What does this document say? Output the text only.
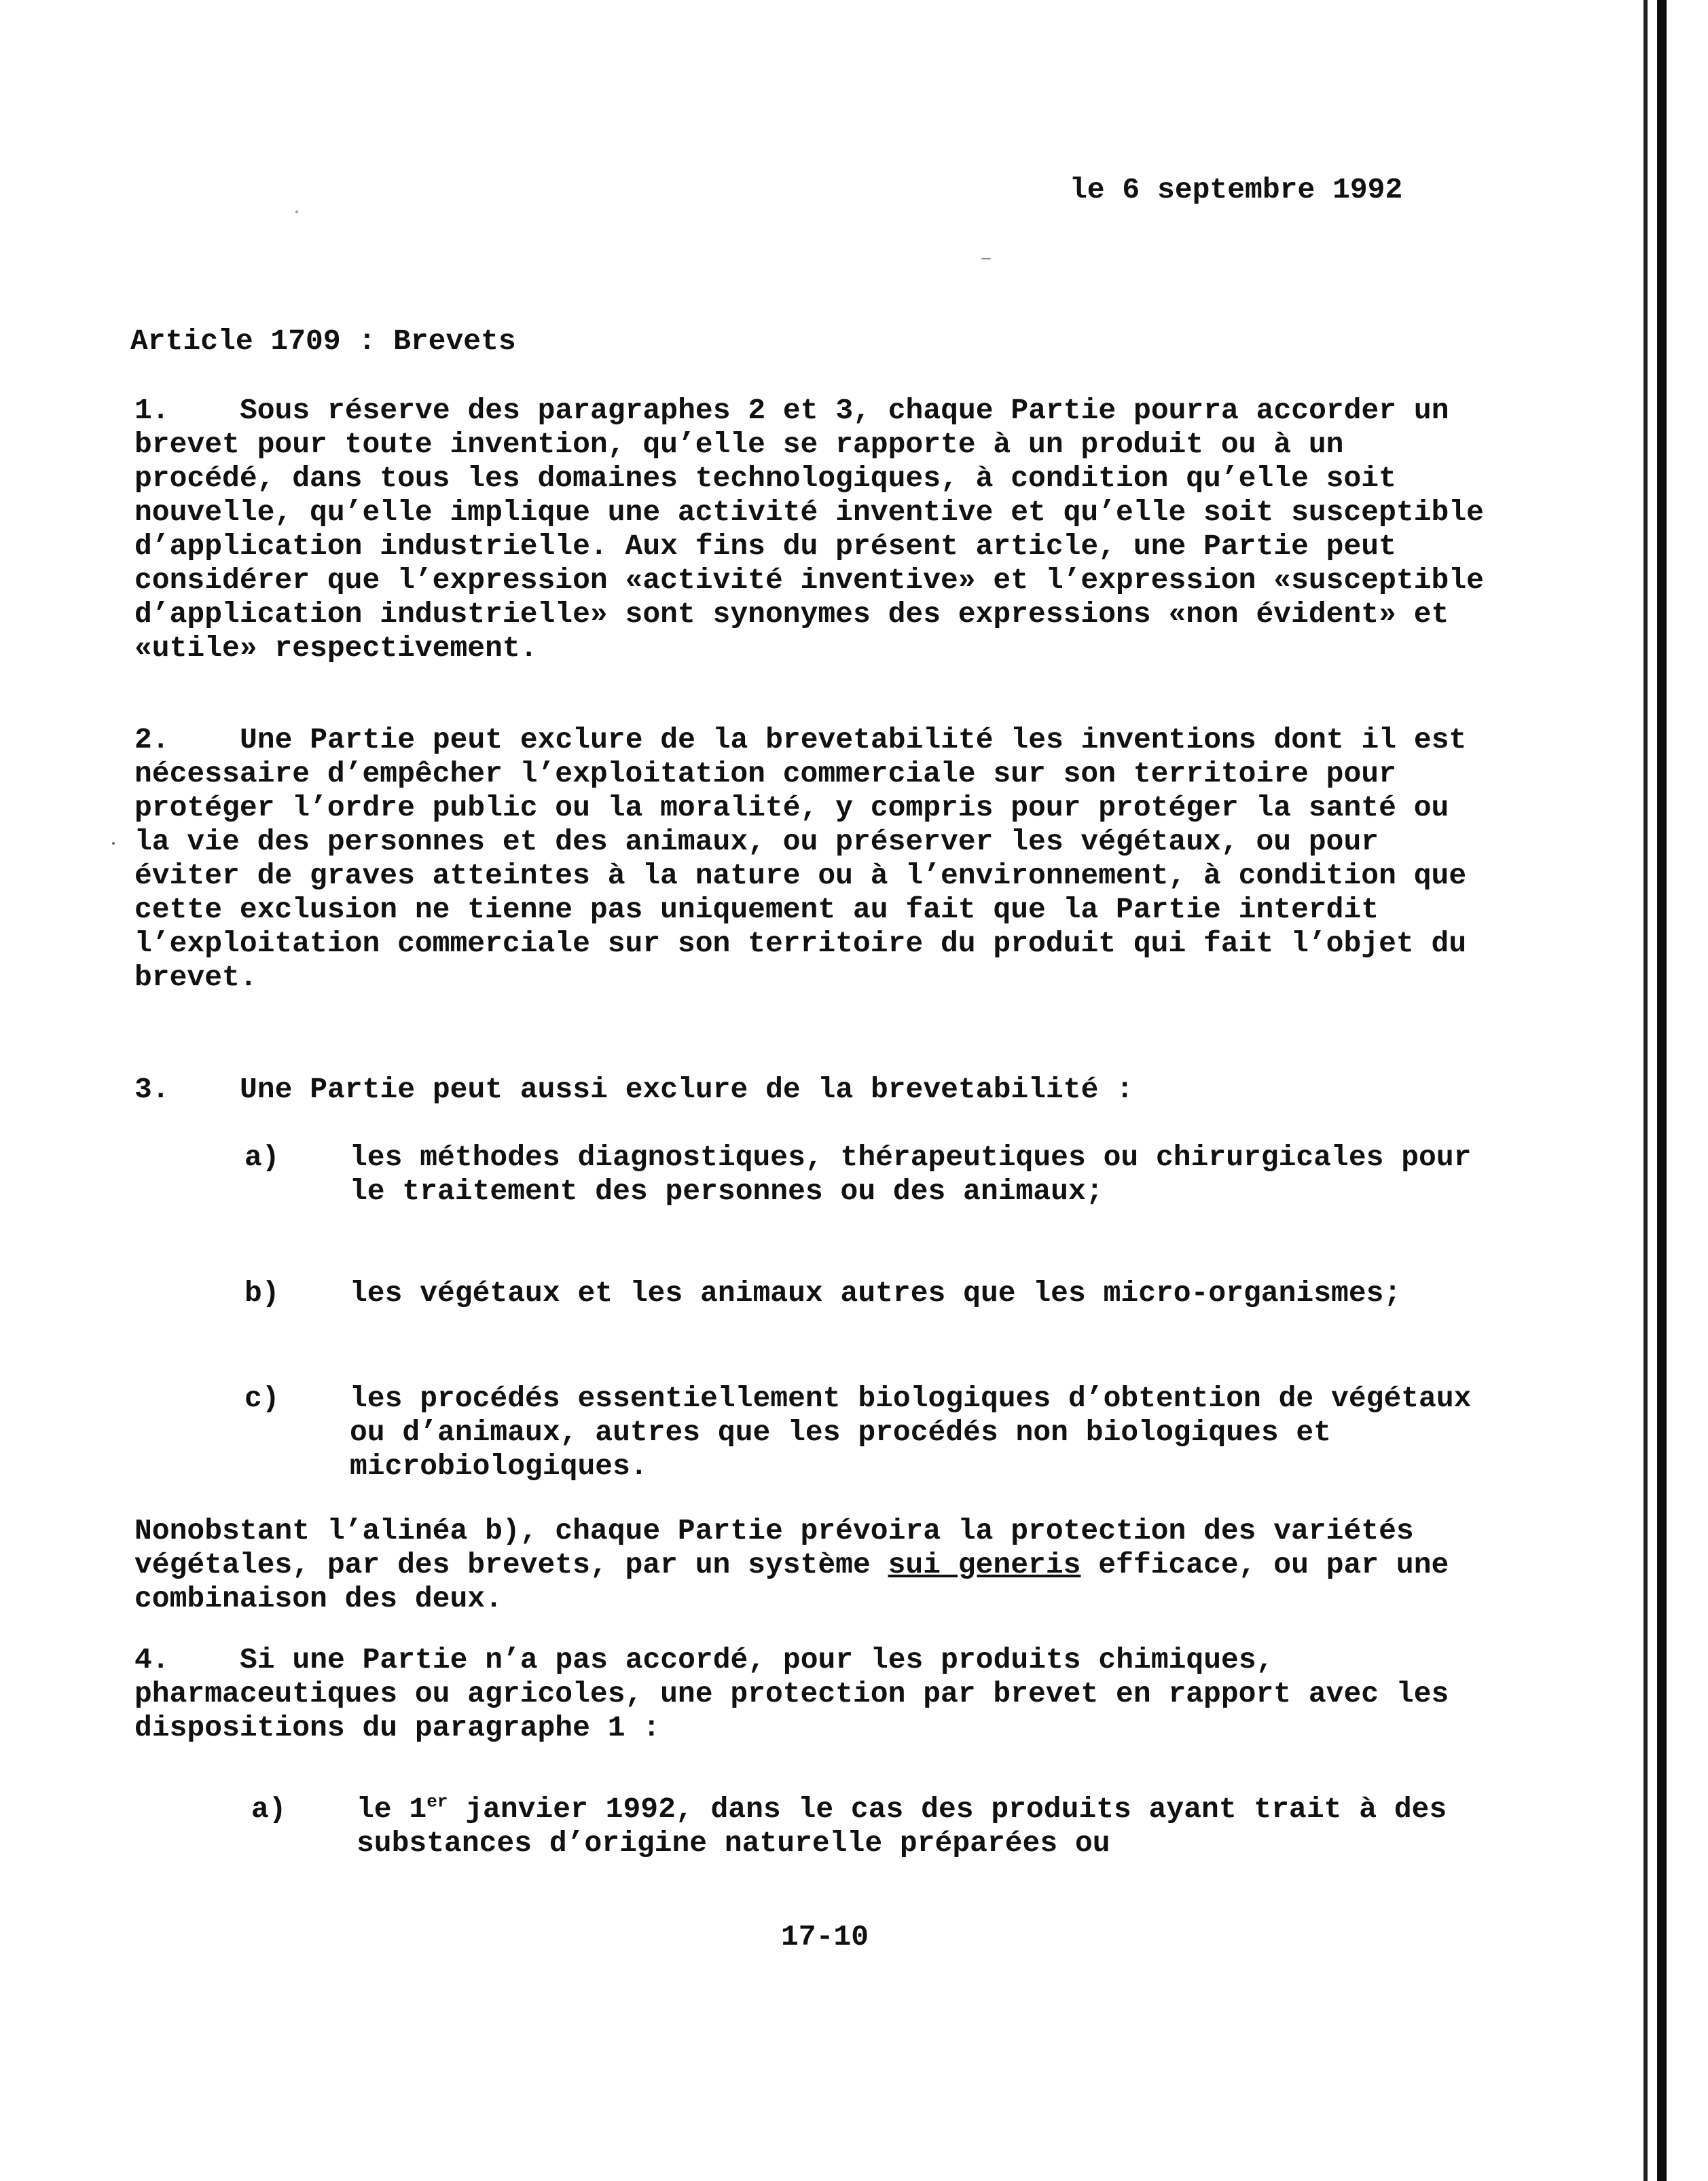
le 6 septembre 1992
Article 1709 : Brevets
1. Sous réserve des paragraphes 2 et 3, chaque Partie pourra accorder un brevet pour toute invention, qu’elle se rapporte à un produit ou à un procédé, dans tous les domaines technologiques, à condition qu’elle soit nouvelle, qu’elle implique une activité inventive et qu’elle soit susceptible d’application industrielle. Aux fins du présent article, une Partie peut considérer que l’expression «activité inventive» et l’expression «susceptible d’application industrielle» sont synonymes des expressions «non évident» et «utile» respectivement.
2. Une Partie peut exclure de la brevetabilité les inventions dont il est nécessaire d’empêcher l’exploitation commerciale sur son territoire pour protéger l’ordre public ou la moralité, y compris pour protéger la santé ou la vie des personnes et des animaux, ou préserver les végétaux, ou pour éviter de graves atteintes à la nature ou à l’environnement, à condition que cette exclusion ne tienne pas uniquement au fait que la Partie interdit l’exploitation commerciale sur son territoire du produit qui fait l’objet du brevet.
3. Une Partie peut aussi exclure de la brevetabilité :
a) les méthodes diagnostiques, thérapeutiques ou chirurgicales pour le traitement des personnes ou des animaux;
b) les végétaux et les animaux autres que les micro-organismes;
c) les procédés essentiellement biologiques d’obtention de végétaux ou d’animaux, autres que les procédés non biologiques et microbiologiques.
Nonobstant l’alinéa b), chaque Partie prévoira la protection des variétés végétales, par des brevets, par un système sui generis efficace, ou par une combinaison des deux.
4. Si une Partie n’a pas accordé, pour les produits chimiques, pharmaceutiques ou agricoles, une protection par brevet en rapport avec les dispositions du paragraphe 1 :
a) le 1er janvier 1992, dans le cas des produits ayant trait à des substances d’origine naturelle préparées ou
17-10
